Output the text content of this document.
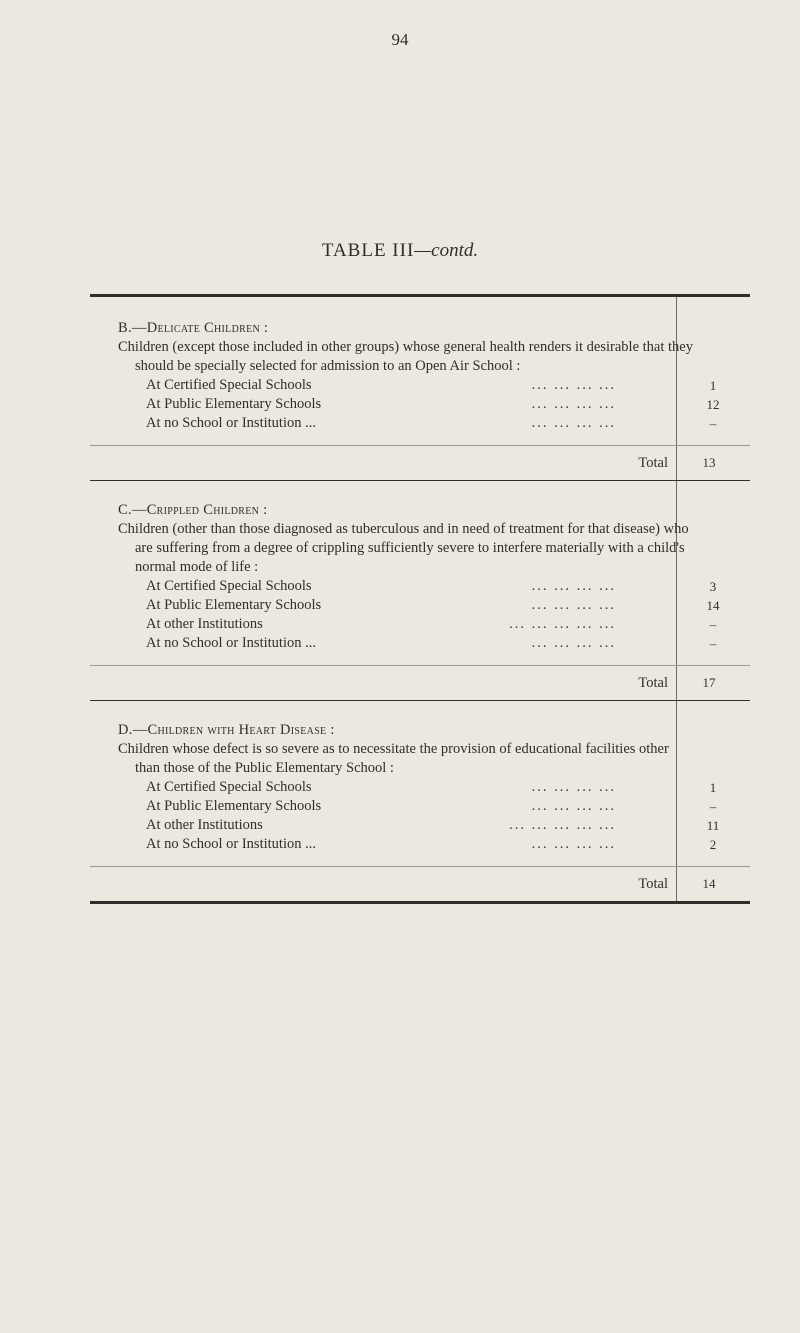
94
TABLE III—contd.
B.—Delicate Children :
Children (except those included in other groups) whose general health renders it desirable that they should be specially selected for admission to an Open Air School :
At Certified Special Schools	... ... ... ...	1
At Public Elementary Schools	... ... ... ...	12
At no School or Institution ...	... ... ... ...	–
Total	13
C.—Crippled Children :
Children (other than those diagnosed as tuberculous and in need of treatment for that disease) who are suffering from a degree of crippling sufficiently severe to interfere materially with a child's normal mode of life :
At Certified Special Schools	... ... ... ...	3
At Public Elementary Schools	... ... ... ...	14
At other Institutions	... ... ... ... ...	–
At no School or Institution ...	... ... ... ...	–
Total	17
D.—Children with Heart Disease :
Children whose defect is so severe as to necessitate the provision of educational facilities other than those of the Public Elementary School :
At Certified Special Schools	... ... ... ...	1
At Public Elementary Schools	... ... ... ...	–
At other Institutions	... ... ... ... ...	11
At no School or Institution ...	... ... ... ...	2
Total	14
